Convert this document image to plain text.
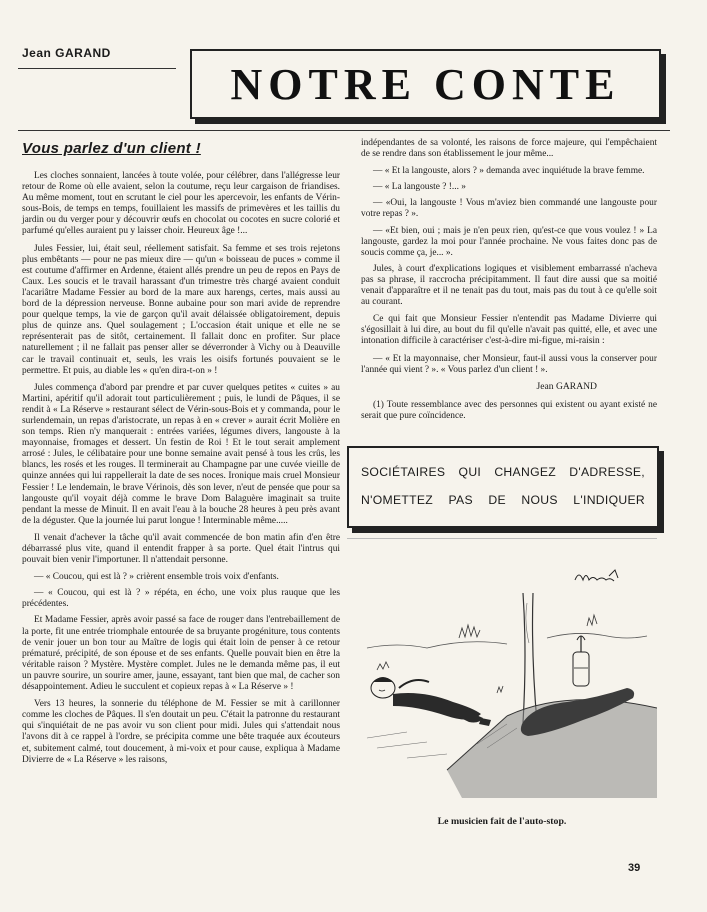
Jean GARAND
NOTRE CONTE
Vous parlez d'un client !

Les cloches sonnaient, lancées à toute volée, pour célébrer, dans l'allégresse leur retour de Rome où elle avaient, selon la coutume, reçu leur cargaison de friandises. Au même moment, tout en scrutant le ciel pour les apercevoir, les enfants de Vérin-sous-Bois, de temps en temps, fouillaient les massifs de primevères et les taillis du jardin ou du verger pour y découvrir œufs en chocolat ou cocotes en sucre colorié et parfumé qu'elles auraient pu y laisser choir. Heureux âge !...

Jules Fessier, lui, était seul, réellement satisfait. Sa femme et ses trois rejetons plus embêtants — pour ne pas mieux dire — qu'un « boisseau de puces » comme il est coutume d'affirmer en Ardenne, étaient allés prendre un peu de repos en Pays de Caux. Les soucis et le travail harassant d'un trimestre très chargé avaient conduit l'acariâtre Madame Fessier au bord de la mare aux harengs, certes, mais aussi au bord de la dépression nerveuse. Bonne aubaine pour son mari avide de reprendre pour quelque temps, la vie de garçon qu'il avait délaissée obligatoirement, depuis plus de quinze ans. Quel soulagement ; L'occasion était unique et elle ne se représenterait pas de sitôt, certainement. Il fallait donc en profiter. Sur place naturellement ; il ne fallait pas penser aller se déverronder à Vichy ou à Deauville car le travail continuait et, seuls, les vrais les oisifs fortunés pouvaient se le permettre. Et puis, au diable les « qu'en dira-t-on » !

Jules commença d'abord par prendre et par cuver quelques petites « cuites » au Martini, apéritif qu'il adorait tout particulièrement ; puis, le lundi de Pâques, il se rendit à « La Réserve » restaurant sélect de Vérin-sous-Bois et y commanda, pour le surlendemain, un repas d'aristocrate, un repas à en « crever » aurait écrit Molière en son temps. Rien n'y manquerait : entrées variées, légumes divers, langouste à la mayonnaise, fromages et dessert. Un festin de Roi ! Et le tout serait amplement arrosé : Jules, le célibataire pour une bonne semaine avait pensé à tous les crûs, les blancs, les rosés et les rouges. Il terminerait au Champagne par une cuvée vieille de quinze années qui lui rappellerait la date de ses noces. Ironique mais cruel Monsieur Fessier ! Le lendemain, le brave Vérinois, dès son lever, n'eut de pensée que pour sa langouste qu'il voyait déjà comme le brave Dom Balaguère imaginait sa truite pendant la messe de Minuit. Il en avait l'eau à la bouche 28 heures à peu près avant de la déguster. Que la journée lui parut longue ! Interminable même.....

Il venait d'achever la tâche qu'il avait commencée de bon matin afin d'en être débarrassé plus vite, quand il entendit frapper à sa porte. Quel était l'intrus qui pouvait bien venir l'importuner. Il n'attendait personne.

— « Coucou, qui est là ? » crièrent ensemble trois voix d'enfants.

— « Coucou, qui est là ? » répéta, en écho, une voix plus rauque que les précédentes.

Et Madame Fessier, après avoir passé sa face de rougeт dans l'entrebaillement de la porte, fit une entrée triomphale entourée de sa bruyante progéniture, tous contents de venir jouer un bon tour au Maître de logis qui était loin de penser à ce retour prématuré, précipité, de son épouse et de ses enfants. Quelle pouvait bien en être la véritable raison ? Mystère. Mystère complet. Jules ne le demanda même pas, il eut un pauvre sourire, un sourire amer, jaune, essayant, tant bien que mal, de cacher son désappointement. Adieu le succulent et copieux repas à « La Réserve » !

Vers 13 heures, la sonnerie du téléphone de M. Fessier se mit à carillonner comme les cloches de Pâques. Il s'en doutait un peu. C'était la patronne du restaurant qui s'inquiétait de ne pas avoir vu son client pour midi. Jules qui s'attendait nous l'avons dit à ce rappel à l'ordre, se précipita comme une bête traquée aux écouteurs et, subitement calmé, tout doucement, à mi-voix et pour cause, expliqua à Madame Divierre de « La Réserve » les raisons,

indépendantes de sa volonté, les raisons de force majeure, qui l'empêchaient de se rendre dans son établissement le jour même...

— « Et la langouste, alors ? » demanda avec inquiétude la brave femme.

— « La langouste ? !... »

— «Oui, la langouste ! Vous m'aviez bien commandé une langouste pour votre repas ? ».

— «Et bien, oui ; mais je n'en peux rien, qu'est-ce que vous voulez ! » La langouste, gardez la moi pour l'année prochaine. Ne vous faites donc pas de soucis comme ça, je... ».

Jules, à court d'explications logiques et visiblement embarrassé n'acheva pas sa phrase, il raccrocha précipitamment. Il faut dire aussi que sa moitié venait d'apparaître et il ne tenait pas du tout, mais pas du tout à ce qu'elle soit au courant.

Ce qui fait que Monsieur Fessier n'entendit pas Madame Divierre qui s'égosillait à lui dire, au bout du fil qu'elle n'avait pas quitté, elle, et avec une intonation difficile à caractériser c'est-à-dire mi-figue, mi-raisin :

— « Et la mayonnaise, cher Monsieur, faut-il aussi vous la conserver pour l'année qui vient ? ». « Vous parlez d'un client ! ».

Jean GARAND

(1) Toute ressemblance avec des personnes qui existent ou ayant existé ne serait que pure coïncidence.

SOCIÉTAIRES QUI CHANGEZ D'ADRESSE,
N'OMETTEZ PAS DE NOUS L'INDIQUER
Le musicien fait de l'auto-stop.
39
